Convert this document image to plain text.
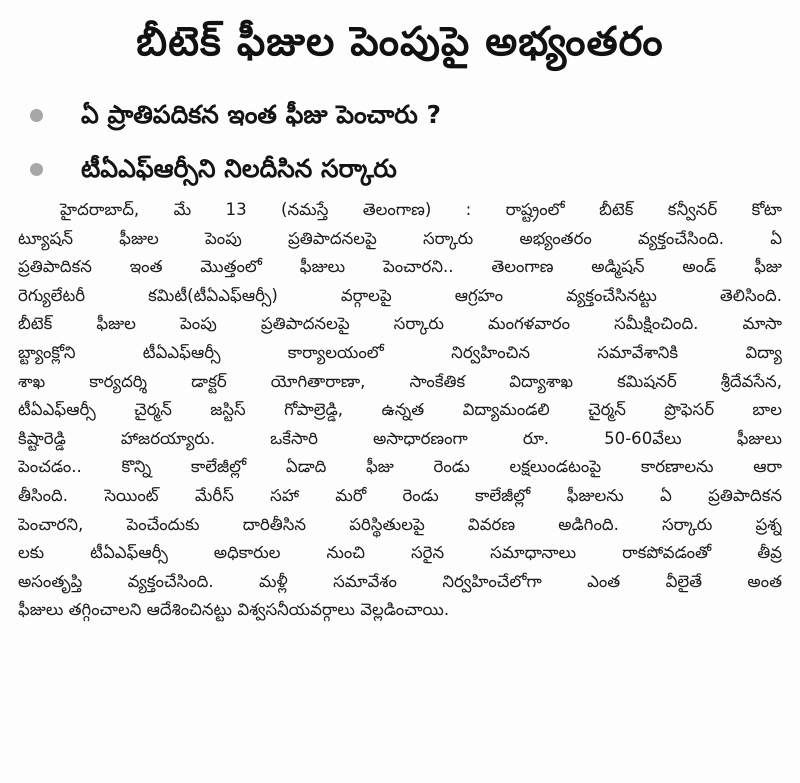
బీటెక్ ఫీజుల పెంపుపై అభ్యంతరం
ఏ ప్రాతిపదికన ఇంత ఫీజు పెంచారు ?
టీఏఎఫ్ఆర్సీని నిలదీసిన సర్కారు
హైదరాబాద్, మే 13 (నమస్తే తెలంగాణ) : రాష్ట్రంలో బీటెక్ కన్వీనర్ కోటా
ట్యూషన్ ఫీజుల పెంపు ప్రతిపాదనలపై సర్కారు అభ్యంతరం వ్యక్తంచేసింది. ఏ
ప్రతిపాదికన ఇంత మొత్తంలో ఫీజులు పెంచారని.. తెలంగాణ అడ్మిషన్ అండ్ ఫీజు
రెగ్యులేటరీ కమిటీ(టీఏఎఫ్ఆర్సీ) వర్గాలపై ఆగ్రహం వ్యక్తంచేసినట్టు తెలిసింది.
బీటెక్ ఫీజుల పెంపు ప్రతిపాదనలపై సర్కారు మంగళవారం సమీక్షించింది. మాసా
బ్ట్యాంక్లోని టీఏఎఫ్ఆర్సీ కార్యాలయంలో నిర్వహించిన సమావేశానికి విద్యా
శాఖ కార్యదర్శి డాక్టర్ యోగితారాణా, సాంకేతిక విద్యాశాఖ కమిషనర్ శ్రీదేవసేన,
టీఏఎఫ్ఆర్సీ చైర్మన్ జస్టిస్ గోపాల్రెడ్డి, ఉన్నత విద్యామండలి చైర్మన్ ప్రొఫెసర్ బాల
కిష్టారెడ్డి హాజరయ్యారు. ఒకేసారి అసాధారణంగా రూ. 50-60వేలు ఫీజులు
పెంచడం.. కొన్ని కాలేజీల్లో ఏడాది ఫీజు రెండు లక్షలుండటంపై కారణాలను ఆరా
తీసింది. సెయింట్ మేరీస్ సహా మరో రెండు కాలేజీల్లో ఫీజులను ఏ ప్రతిపాదికన
పెంచారని, పెంచేందుకు దారితీసిన పరిస్థితులపై వివరణ అడిగింది. సర్కారు ప్రశ్న
లకు టీఏఎఫ్ఆర్సీ అధికారుల నుంచి సరైన సమాధానాలు రాకపోవడంతో తీవ్ర
అసంతృప్తి వ్యక్తంచేసింది. మళ్లీ సమావేశం నిర్వహించేలోగా ఎంత వీలైతే అంత
ఫీజులు తగ్గించాలని ఆదేశించినట్టు విశ్వసనీయవర్గాలు వెల్లడించాయి.
